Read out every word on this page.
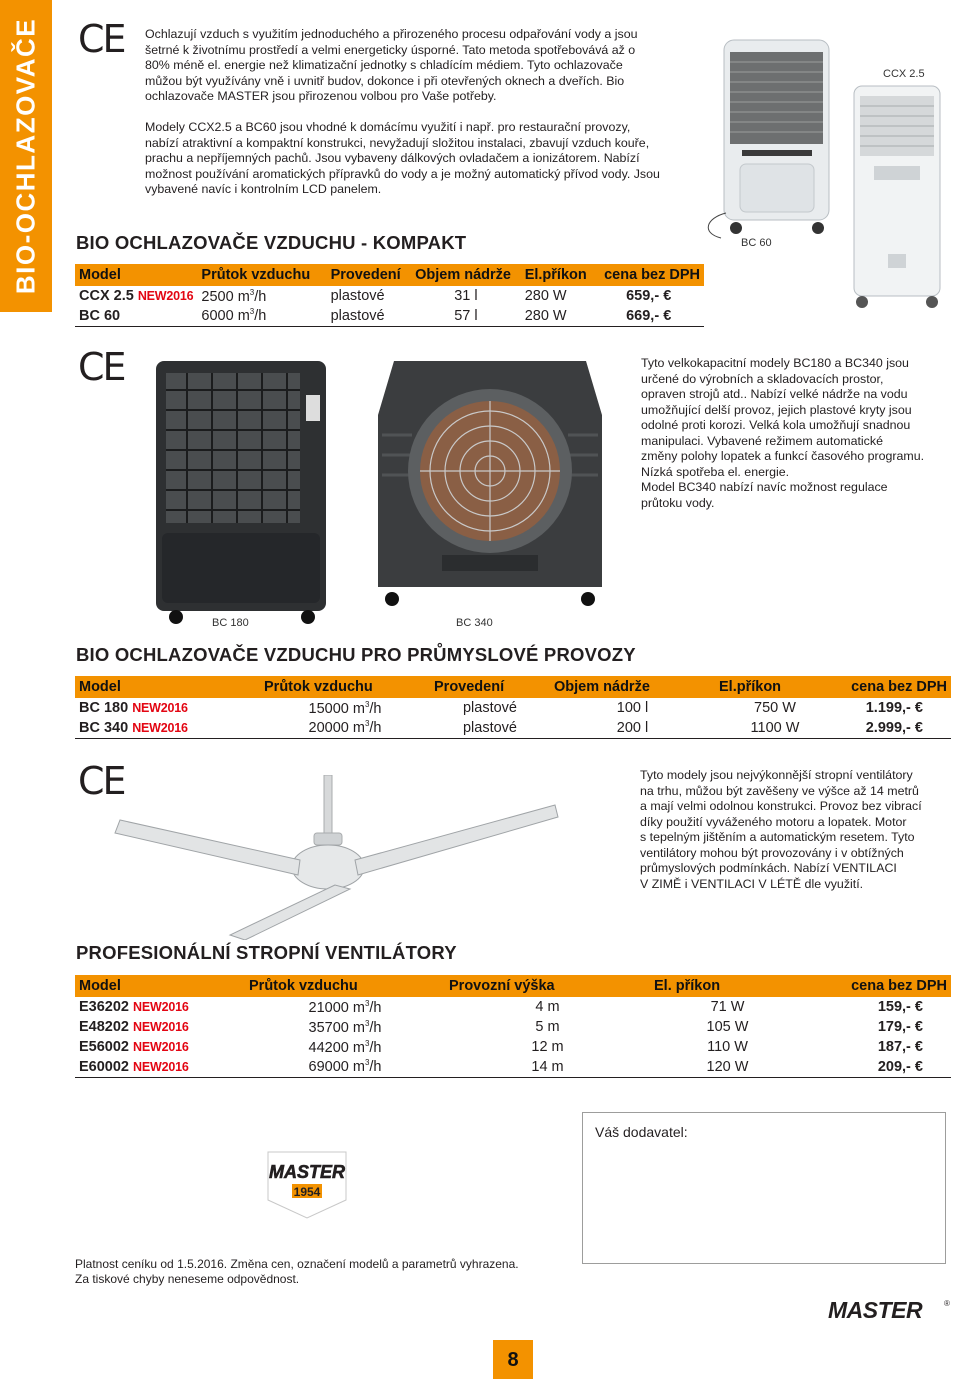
BIO-OCHLAZOVAČE CE Ochlazují vzduch s využitím jednoduchého a přirozeného procesu odpařování vody a jsou

šetrné k životnímu prostředí a velmi energeticky úsporné. Tato metoda spotřebovává až o

80% méně el. energie než klimatizační jednotky s chladícím médiem. Tyto ochlazovače

můžou být využívány vně i uvnitř budov, dokonce i při otevřených oknech a dveřích. Bio

ochlazovače MASTER jsou přirozenou volbou pro Vaše potřeby.

Modely CCX2.5 a BC60 jsou vhodné k domácímu využití i např. pro restaurační provozy,

nabízí atraktivní a kompaktní konstrukci, nevyžadují složitou instalaci, zbavují vzduch kouře,

prachu a nepříjemných pachů. Jsou vybaveny dálkových ovladačem a ionizátorem. Nabízí

možnost používání aromatických přípravků do vody a je možný automatický přívod vody. Jsou

vybavené navíc i kontrolním LCD panelem.

BC 60
CCX 2.5
BIO OCHLAZOVAČE VZDUCHU - KOMPAKT
Model	Průtok vzduchu	Provedení	Objem nádrže	El.příkon	cena bez DPH
CCX 2.5 NEW2016	2500 $m^3/h$	plastové	31 l	280 W	659,- €
BC 60	6000 $m^3/h$	plastové	57 l	280 W	669,- €
CE
BC 180	BC 340

Tyto velkokapacitní modely BC180 a BC340 jsou

určené do výrobních a skladovacích prostor,

opraven strojů atd.. Nabízí velké nádrže na vodu

umožňující delší provoz, jejich plastové kryty jsou

odolné proti korozi. Velká kola umožňují snadnou

manipulaci. Vybavené režimem automatické

změny polohy lopatek a funkcí časového programu.

Nízká spotřeba el. energie.

Model BC340 nabízí navíc možnost regulace

průtoku vody.

BIO OCHLAZOVAČE VZDUCHU PRO PRŮMYSLOVÉ PROVOZY
Model	Průtok vzduchu	Provedení	Objem nádrže	El.příkon	cena bez DPH
BC 180 NEW2016	15000 $m^3/h$	plastové	100 l	750 W	1.199,- €
BC 340 NEW2016	20000 $m^3/h$	plastové	200 l	1100 W	2.999,- €
CE	Tyto modely jsou nejvýkonnější stropní ventilátory

na trhu, můžou být zavěšeny ve výšce až 14 metrů

a mají velmi odolnou konstrukci. Provoz bez vibrací

díky použití vyváženého motoru a lopatek. Motor

s tepelným jištěním a automatickým resetem. Tyto

ventilátory mohou být provozovány i v obtížných

průmyslových podmínkách. Nabízí VENTILACI

V ZIMĚ i VENTILACI V LÉTĚ dle využití.

PROFESIONÁLNÍ STROPNÍ VENTILÁTORY
Model	Průtok vzduchu	Provozní výška	El. příkon	cena bez DPH
E36202 NEW2016	21000 $m^3/h$	4 m	71 W	159,- €
E48202 NEW2016	35700 $m^3/h$	5 m	105 W	179,- €
E56002 NEW2016	44200 $m^3/h$	12 m	110 W	187,- €
E60002 NEW2016	69000 $m^3/h$	14 m	120 W	209,- €
Váš dodavatel:
MASTER
1954
Platnost ceníku od 1.5.2016. Změna cen, označení modelů a parametrů vyhrazena.
Za tiskové chyby neneseme odpovědnost.
MASTER	®
8
